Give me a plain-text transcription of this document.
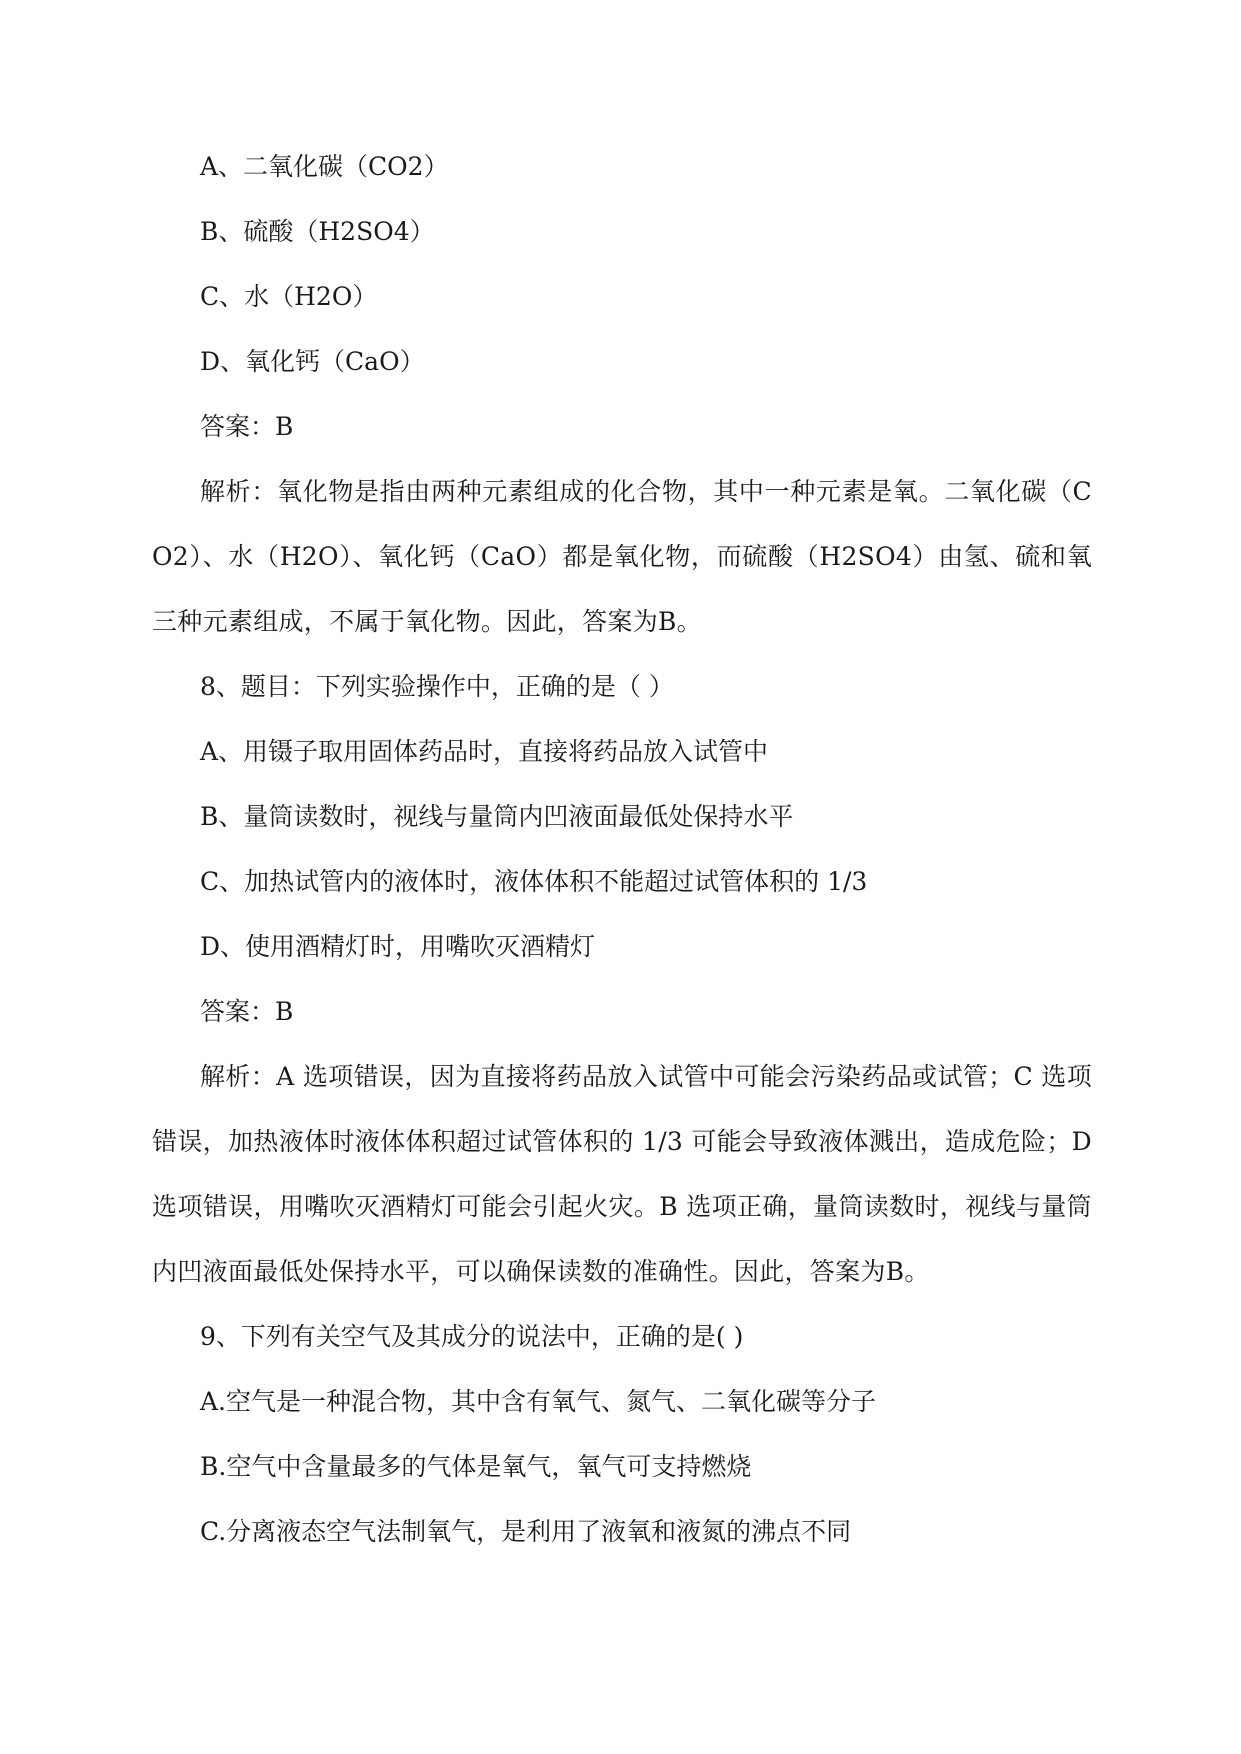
A、二氧化碳（CO2）
B、硫酸（H2SO4）
C、水（H2O）
D、氧化钙（CaO）
答案：B
解析：氧化物是指由两种元素组成的化合物，其中一种元素是氧。二氧化碳（CO2）、水（H2O）、氧化钙（CaO）都是氧化物，而硫酸（H2SO4）由氢、硫和氧三种元素组成，不属于氧化物。因此，答案为B。
8、题目：下列实验操作中，正确的是（ ）
A、用镊子取用固体药品时，直接将药品放入试管中
B、量筒读数时，视线与量筒内凹液面最低处保持水平
C、加热试管内的液体时，液体体积不能超过试管体积的 1/3
D、使用酒精灯时，用嘴吹灭酒精灯
答案：B
解析：A 选项错误，因为直接将药品放入试管中可能会污染药品或试管；C 选项错误，加热液体时液体体积超过试管体积的 1/3 可能会导致液体溅出，造成危险；D 选项错误，用嘴吹灭酒精灯可能会引起火灾。B 选项正确，量筒读数时，视线与量筒内凹液面最低处保持水平，可以确保读数的准确性。因此，答案为B。
9、下列有关空气及其成分的说法中，正确的是( )
A.空气是一种混合物，其中含有氧气、氮气、二氧化碳等分子
B.空气中含量最多的气体是氧气，氧气可支持燃烧
C.分离液态空气法制氧气，是利用了液氧和液氮的沸点不同
